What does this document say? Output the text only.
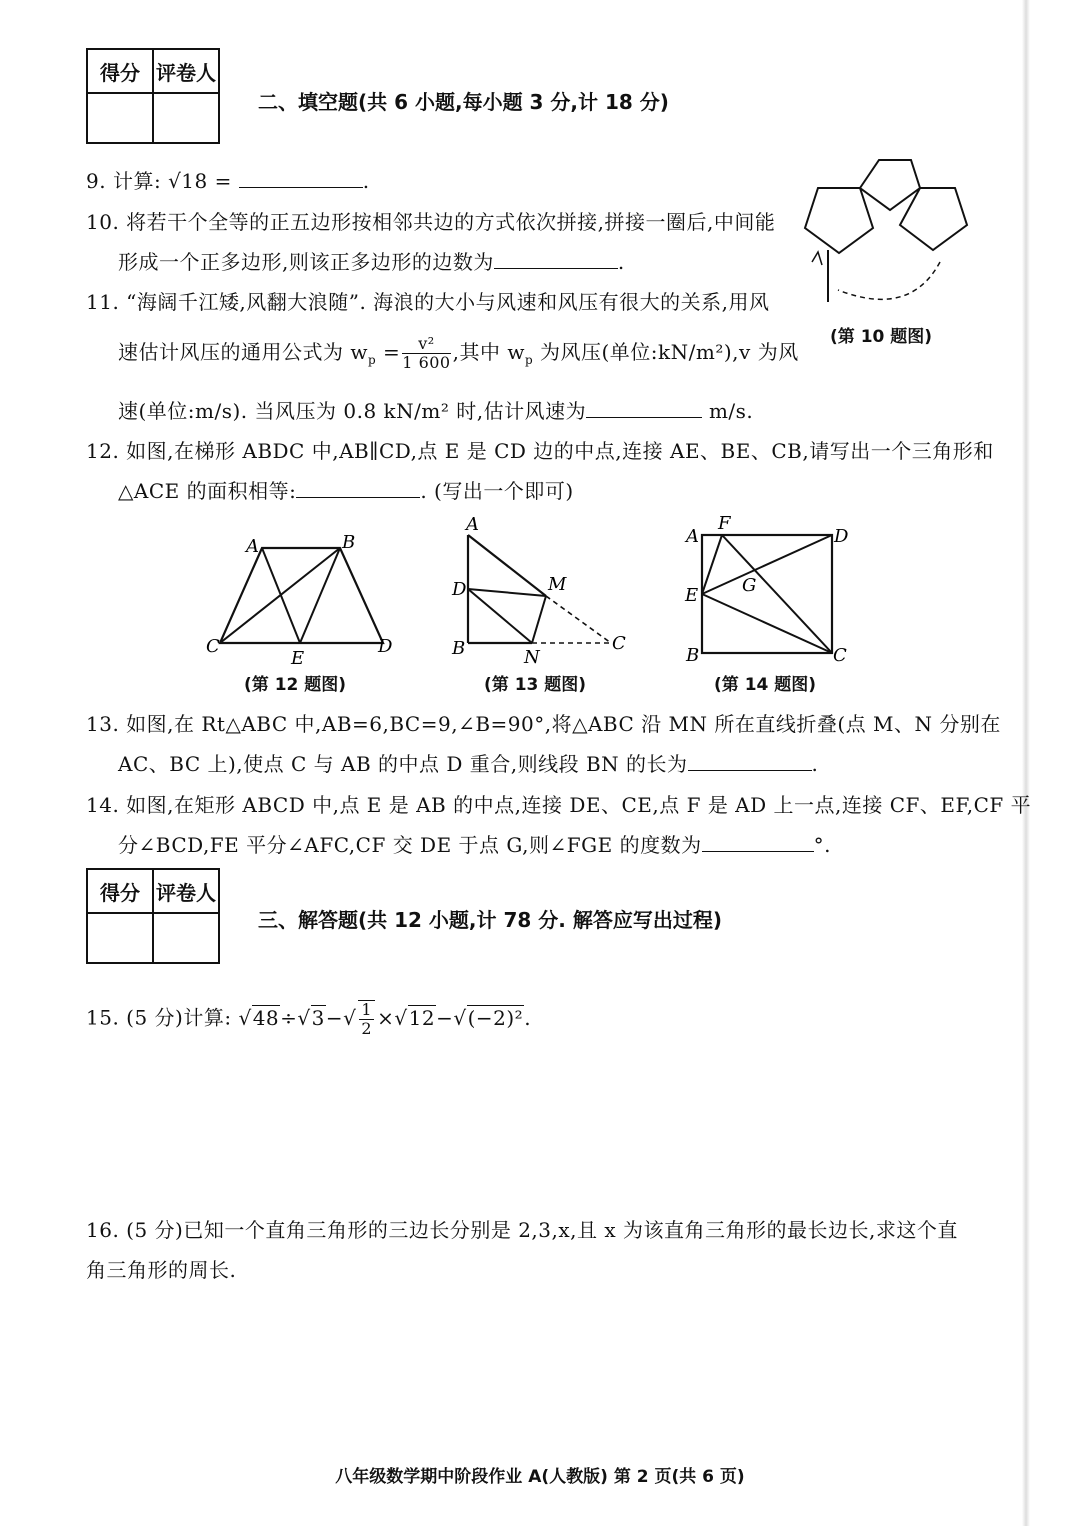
得分	评卷人

二、填空题(共 6 小题,每小题 3 分,计 18 分)
9. 计算: √18 =	.
10. 将若干个全等的正五边形按相邻共边的方式依次拼接,拼接一圈后,中间能
形成一个正多边形,则该正多边形的边数为	.
(第 10 题图)
11. “海阔千江矮,风翻大浪随”. 海浪的大小与风速和风压有很大的关系,用风
速估计风压的通用公式为 $w_p = \frac{\text{v²}}{1 600}$ ,其中 $w_p$ 为风压(单位:kN/m²),v 为风
速(单位:m/s). 当风压为 0.8 kN/m² 时,估计风速为	m/s.
12. 如图,在梯形 ABDC 中,AB∥CD,点 E 是 CD 边的中点,连接 AE、BE、CB,请写出一个三角形和
△ACE 的面积相等:	. (写出一个即可)
A	B
C	D
E
(第 12 题图)
A
D	M
B	N
C
(第 13 题图)
A
F
D
E G
B	C
(第 14 题图)
13. 如图,在 Rt△ABC 中,AB=6,BC=9,∠B=90°,将△ABC 沿 MN 所在直线折叠(点 M、N 分别在
AC、BC 上),使点 C 与 AB 的中点 D 重合,则线段 BN 的长为	.
14. 如图,在矩形 ABCD 中,点 E 是 AB 的中点,连接 DE、CE,点 F 是 AD 上一点,连接 CF、EF,CF 平
分∠BCD,FE 平分∠AFC,CF 交 DE 于点 G,则∠FGE 的度数为	°.
得分	评卷人

三、解答题(共 12 小题,计 78 分. 解答应写出过程)
15. (5 分)计算: $√48\div√3-√ \frac{1}{2} \times√12-√(-2)^2$.
16. (5 分)已知一个直角三角形的三边长分别是 2,3,x,且 x 为该直角三角形的最长边长,求这个直
角三角形的周长.
八年级数学期中阶段作业 A(人教版) 第 2 页(共 6 页)
